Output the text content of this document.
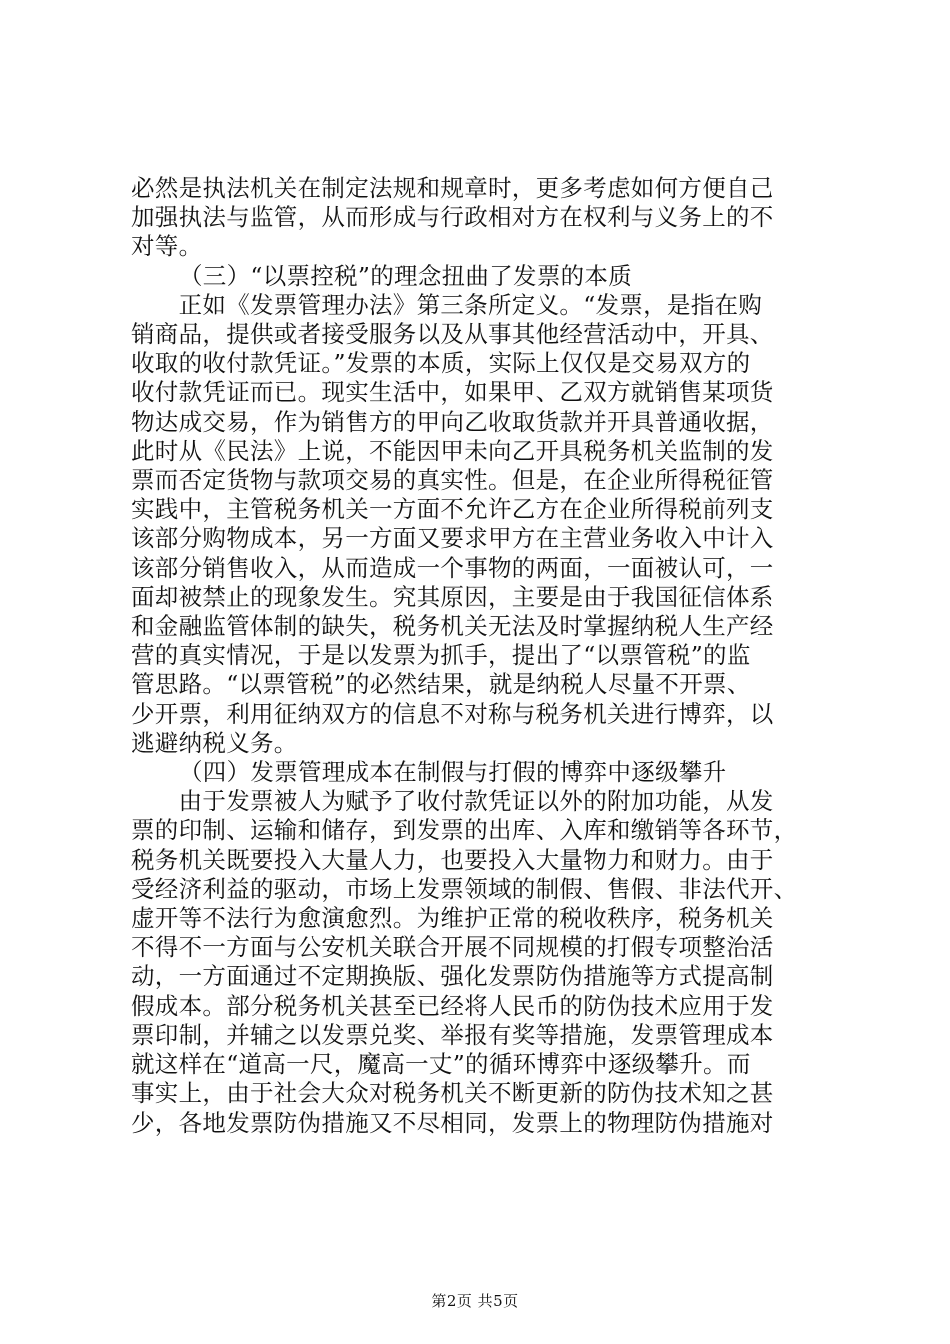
必然是执法机关在制定法规和规章时，更多考虑如何方便自己
加强执法与监管，从而形成与行政相对方在权利与义务上的不
对等。

（三）“以票控税”的理念扭曲了发票的本质

　　正如《发票管理办法》第三条所定义。“发票，是指在购
销商品，提供或者接受服务以及从事其他经营活动中，开具、
收取的收付款凭证。”发票的本质，实际上仅仅是交易双方的
收付款凭证而已。现实生活中，如果甲、乙双方就销售某项货
物达成交易，作为销售方的甲向乙收取货款并开具普通收据，
此时从《民法》上说，不能因甲未向乙开具税务机关监制的发
票而否定货物与款项交易的真实性。但是，在企业所得税征管
实践中，主管税务机关一方面不允许乙方在企业所得税前列支
该部分购物成本，另一方面又要求甲方在主营业务收入中计入
该部分销售收入，从而造成一个事物的两面，一面被认可，一
面却被禁止的现象发生。究其原因，主要是由于我国征信体系
和金融监管体制的缺失，税务机关无法及时掌握纳税人生产经
营的真实情况，于是以发票为抓手，提出了“以票管税”的监
管思路。“以票管税”的必然结果，就是纳税人尽量不开票、
少开票，利用征纳双方的信息不对称与税务机关进行博弈，以
逃避纳税义务。

（四）发票管理成本在制假与打假的博弈中逐级攀升

　　由于发票被人为赋予了收付款凭证以外的附加功能，从发
票的印制、运输和储存，到发票的出库、入库和缴销等各环节，
税务机关既要投入大量人力，也要投入大量物力和财力。由于
受经济利益的驱动，市场上发票领域的制假、售假、非法代开、
虚开等不法行为愈演愈烈。为维护正常的税收秩序，税务机关
不得不一方面与公安机关联合开展不同规模的打假专项整治活
动，一方面通过不定期换版、强化发票防伪措施等方式提高制
假成本。部分税务机关甚至已经将人民币的防伪技术应用于发
票印制，并辅之以发票兑奖、举报有奖等措施，发票管理成本
就这样在“道高一尺，魔高一丈”的循环博弈中逐级攀升。而
事实上，由于社会大众对税务机关不断更新的防伪技术知之甚
少，各地发票防伪措施又不尽相同，发票上的物理防伪措施对

第2页 共5页
